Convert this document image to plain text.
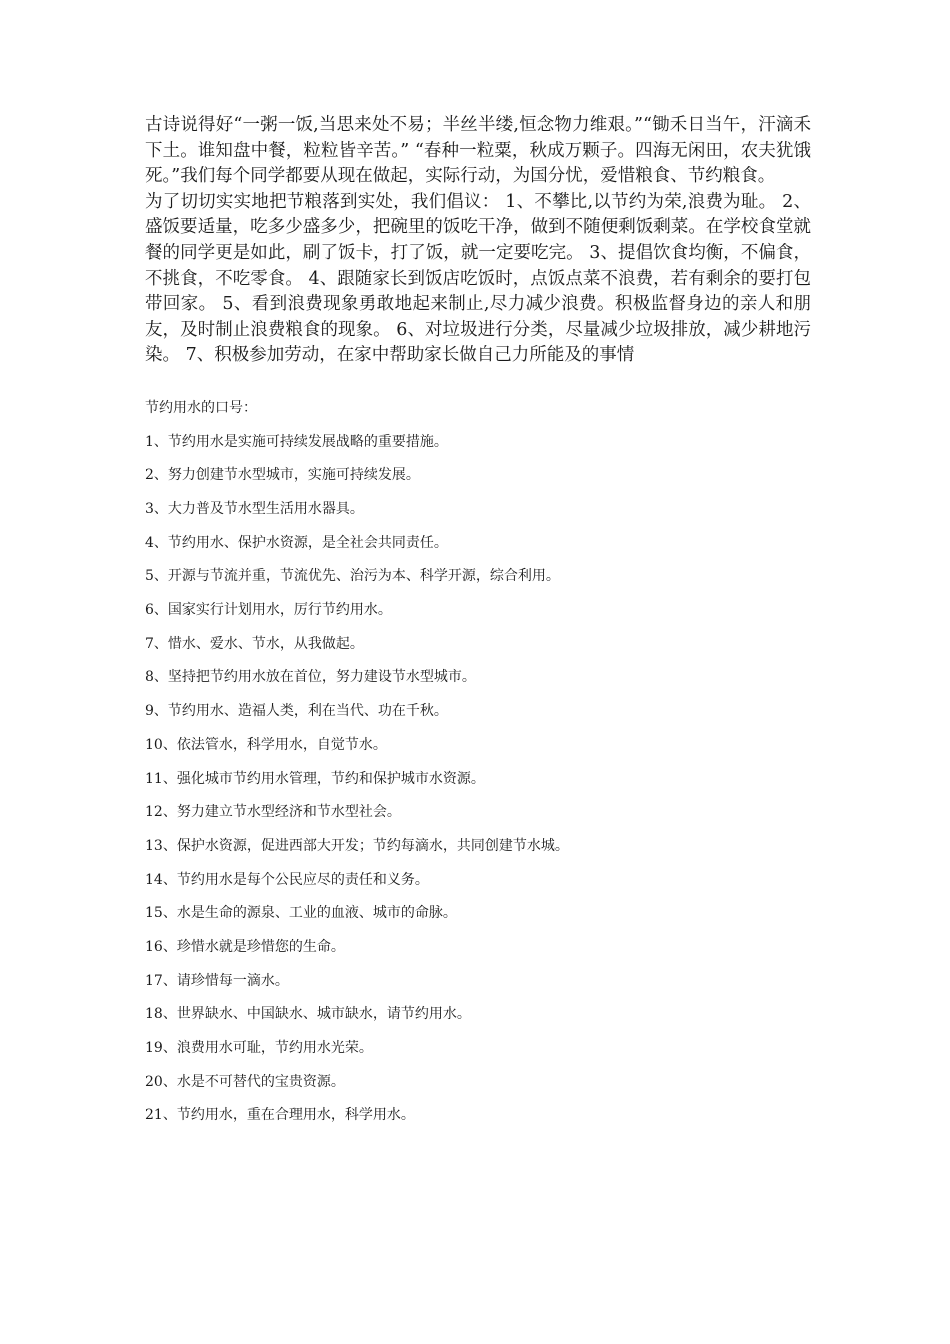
古诗说得好“一粥一饭,当思来处不易；半丝半缕,恒念物力维艰。”“锄禾日当午，汗滴禾下土。谁知盘中餐，粒粒皆辛苦。” “春种一粒粟，秋成万颗子。四海无闲田，农夫犹饿死。”我们每个同学都要从现在做起，实际行动，为国分忧，爱惜粮食、节约粮食。

为了切切实实地把节粮落到实处，我们倡议： 1、不攀比,以节约为荣,浪费为耻。 2、盛饭要适量，吃多少盛多少，把碗里的饭吃干净，做到不随便剩饭剩菜。在学校食堂就餐的同学更是如此，刷了饭卡，打了饭，就一定要吃完。 3、提倡饮食均衡，不偏食，不挑食，不吃零食。 4、跟随家长到饭店吃饭时，点饭点菜不浪费，若有剩余的要打包带回家。 5、看到浪费现象勇敢地起来制止,尽力减少浪费。积极监督身边的亲人和朋友，及时制止浪费粮食的现象。 6、对垃圾进行分类，尽量减少垃圾排放，减少耕地污染。 7、积极参加劳动，在家中帮助家长做自己力所能及的事情

节约用水的口号：

1、节约用水是实施可持续发展战略的重要措施。
2、努力创建节水型城市，实施可持续发展。
3、大力普及节水型生活用水器具。
4、节约用水、保护水资源，是全社会共同责任。
5、开源与节流并重，节流优先、治污为本、科学开源，综合利用。
6、国家实行计划用水，厉行节约用水。
7、惜水、爱水、节水，从我做起。
8、坚持把节约用水放在首位，努力建设节水型城市。
9、节约用水、造福人类，利在当代、功在千秋。
10、依法管水，科学用水，自觉节水。
11、强化城市节约用水管理，节约和保护城市水资源。
12、努力建立节水型经济和节水型社会。
13、保护水资源，促进西部大开发；节约每滴水，共同创建节水城。
14、节约用水是每个公民应尽的责任和义务。
15、水是生命的源泉、工业的血液、城市的命脉。
16、珍惜水就是珍惜您的生命。
17、请珍惜每一滴水。
18、世界缺水、中国缺水、城市缺水，请节约用水。
19、浪费用水可耻，节约用水光荣。
20、水是不可替代的宝贵资源。
21、节约用水，重在合理用水，科学用水。
